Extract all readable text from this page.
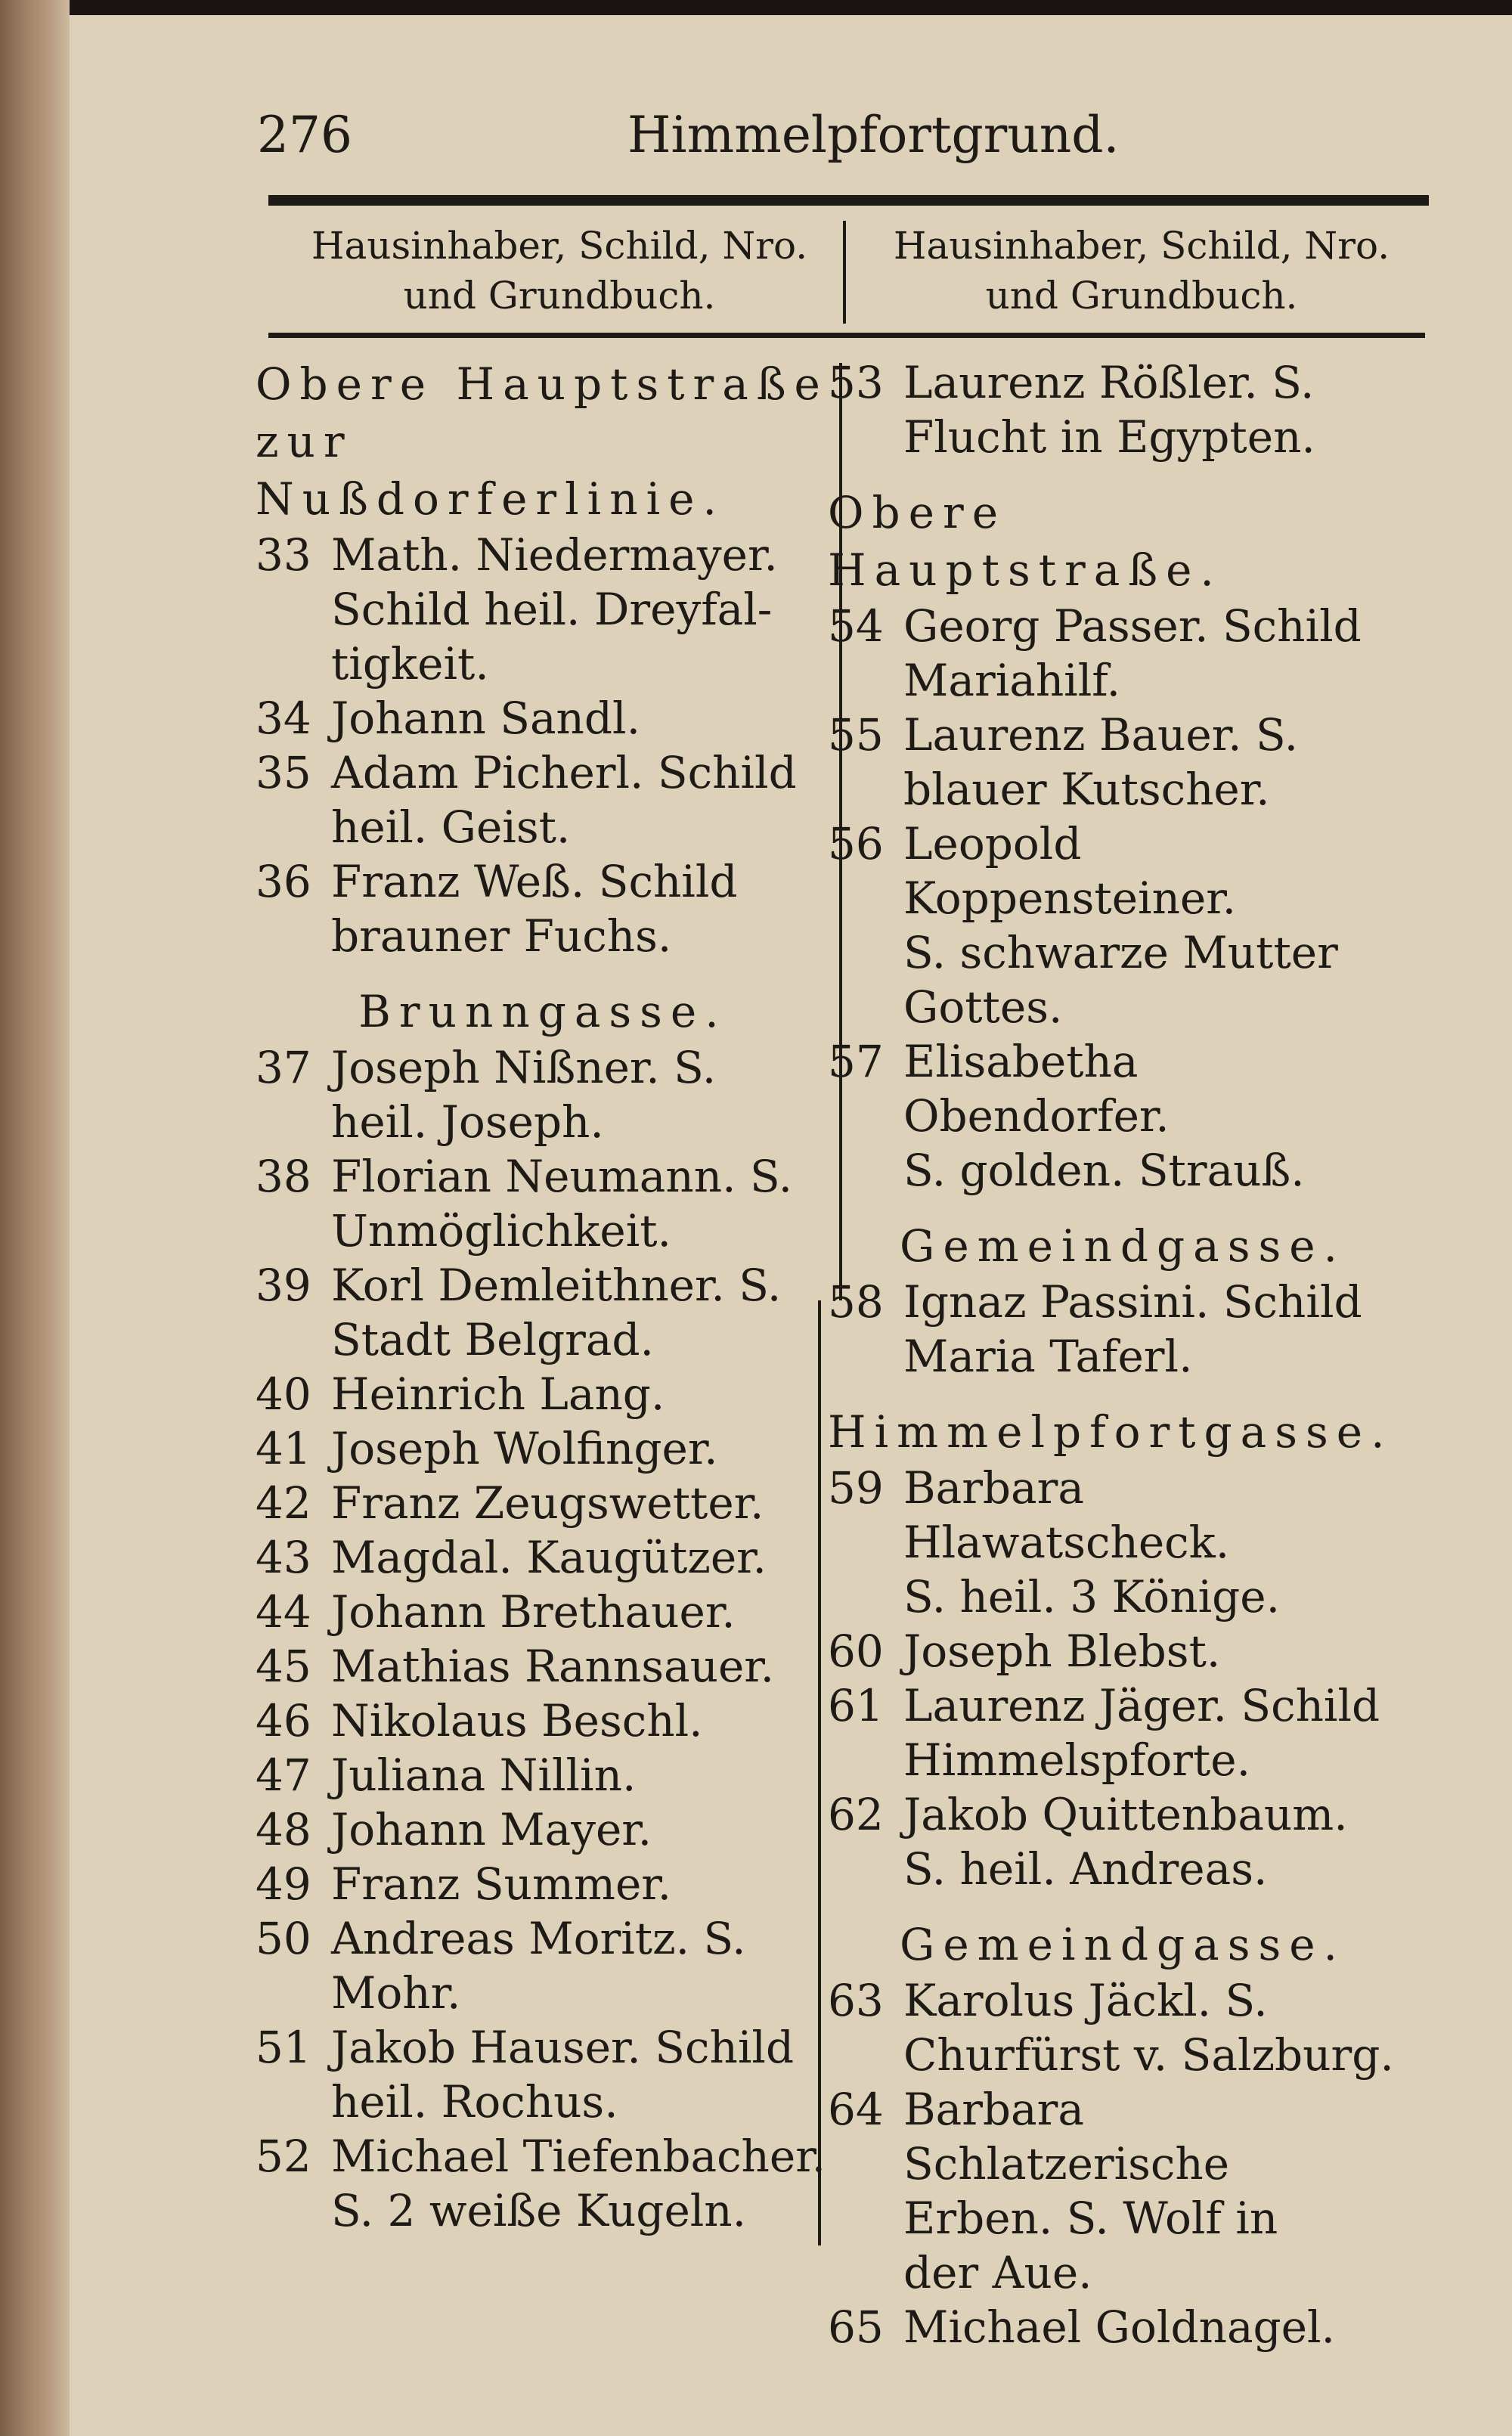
276	Himmelpfortgrund.
Hausinhaber, Schild, Nro.
und Grundbuch.
Hausinhaber, Schild, Nro.
und Grundbuch.
Obere Hauptstraße
zur Nußdorferlinie.
33 Math. Niedermayer.
Schild heil. Dreyfal-
tigkeit.
34 Johann Sandl.
35 Adam Picherl. Schild
heil. Geist.
36 Franz Weß. Schild
brauner Fuchs.
Brunngasse.
37 Joseph Nißner. S.
heil. Joseph.
38 Florian Neumann. S.
Unmöglichkeit.
39 Korl Demleithner. S.
Stadt Belgrad.
40 Heinrich Lang.
41 Joseph Wolfinger.
42 Franz Zeugswetter.
43 Magdal. Kaugützer.
44 Johann Brethauer.
45 Mathias Rannsauer.
46 Nikolaus Beschl.
47 Juliana Nillin.
48 Johann Mayer.
49 Franz Summer.
50 Andreas Moritz. S.
Mohr.
51 Jakob Hauser. Schild
heil. Rochus.
52 Michael Tiefenbacher.
S. 2 weiße Kugeln.
53 Laurenz Rößler. S.
Flucht in Egypten.
Obere Hauptstraße.
54 Georg Passer. Schild
Mariahilf.
55 Laurenz Bauer. S.
blauer Kutscher.
56 Leopold Koppensteiner.
S. schwarze Mutter
Gottes.
57 Elisabetha Obendorfer.
S. golden. Strauß.
Gemeindgasse.
58 Ignaz Passini. Schild
Maria Taferl.
Himmelpfortgasse.
59 Barbara Hlawatscheck.
S. heil. 3 Könige.
60 Joseph Blebst.
61 Laurenz Jäger. Schild
Himmelspforte.
62 Jakob Quittenbaum.
S. heil. Andreas.
Gemeindgasse.
63 Karolus Jäckl. S.
Churfürst v. Salzburg.
64 Barbara Schlatzerische
Erben. S. Wolf in
der Aue.
65 Michael Goldnagel.
